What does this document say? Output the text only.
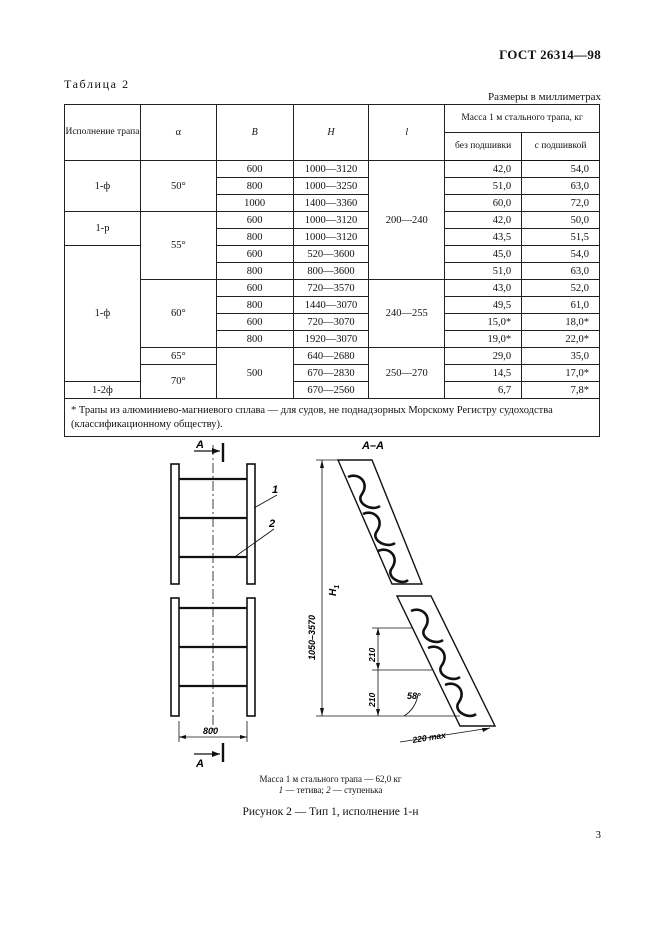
ГОСТ 26314—98
Таблица 2
Размеры в миллиметрах
Исполнение трапа	α	B	H	l	Масса 1 м стального трапа, кг	
					без подшивки	с подшивкой
1-ф	50°	600	1000—3120	200—240	42,0	54,0
		800	1000—3250		51,0	63,0
		1000	1400—3360		60,0	72,0
1-р	55°	600	1000—3120		42,0	50,0
		800	1000—3120		43,5	51,5
1-ф		600	520—3600		45,0	54,0
		800	800—3600		51,0	63,0
	60°	600	720—3570	240—255	43,0	52,0
		800	1440—3070		49,5	61,0
		600	720—3070		15,0*	18,0*
		800	1920—3070		19,0*	22,0*
	65°	500	640—2680	250—270	29,0	35,0
	70°		670—2830		14,5	17,0*
1-2ф			670—2560		6,7	7,8*
* Трапы из алюминиево-магниевого сплава — для судов, не поднадзорных Морскому Регистру судоходства (классификационному обществу).						
A
A
800
1
2
А–А
1050–3570
$H_1$
210
210	58°
220 max
Масса 1 м стального трапа — 62,0 кг
1 — тетива; 2 — ступенька
Рисунок 2 — Тип 1, исполнение 1-н
3
